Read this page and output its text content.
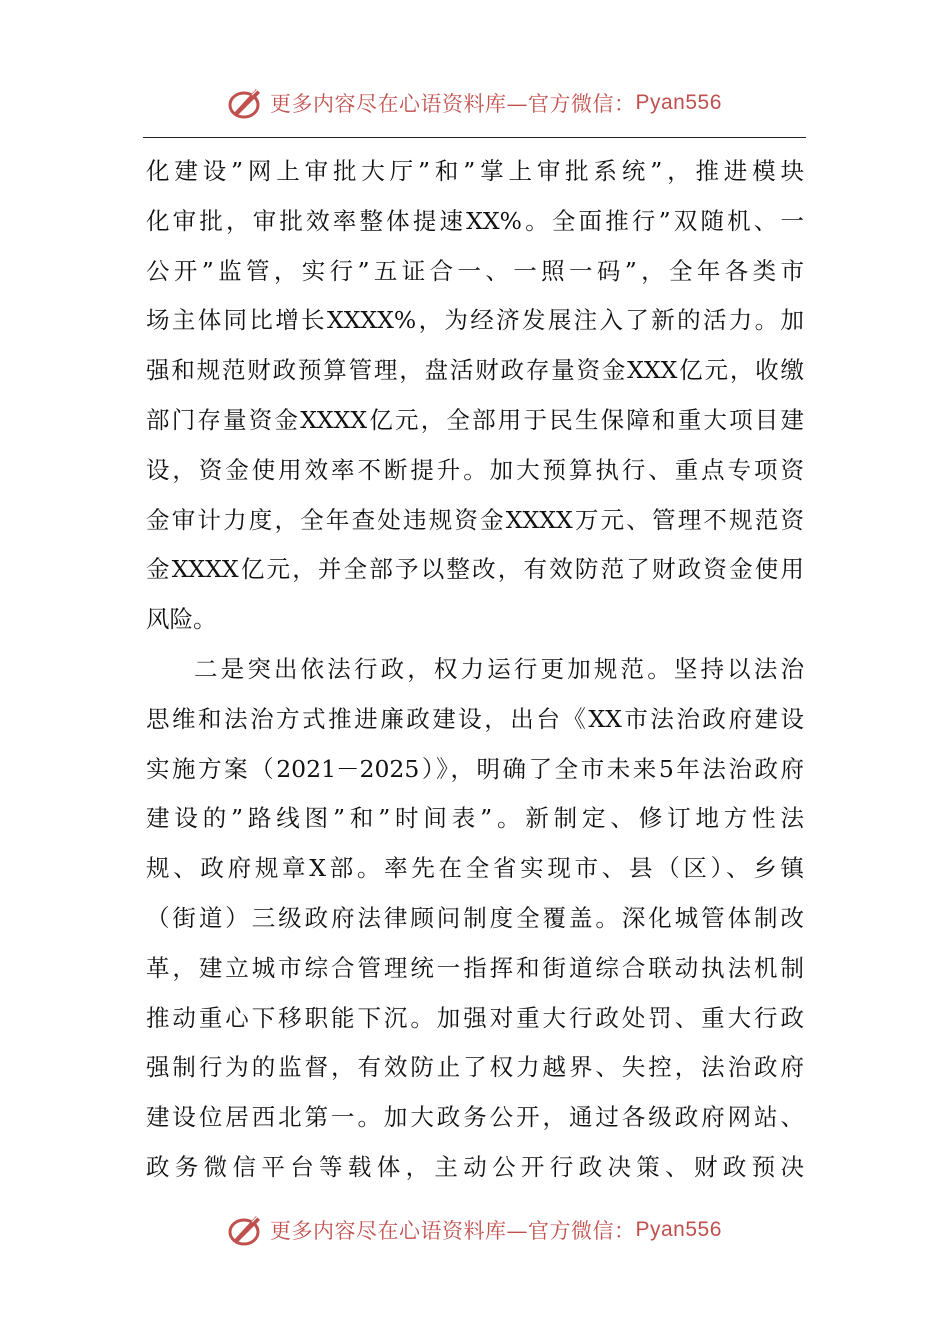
更多内容尽在心语资料库—官方微信： Pyan556
化建设”网上审批大厅”和”掌上审批系统”，推进模块
化审批，审批效率整体提速XX%。全面推行”双随机、一
公开”监管，实行”五证合一、一照一码”，全年各类市
场主体同比增长XXXX%，为经济发展注入了新的活力。加
强和规范财政预算管理，盘活财政存量资金XXX亿元，收缴
部门存量资金XXXX亿元，全部用于民生保障和重大项目建
设，资金使用效率不断提升。加大预算执行、重点专项资
金审计力度，全年查处违规资金XXXX万元、管理不规范资
金XXXX亿元，并全部予以整改，有效防范了财政资金使用
风险。
二是突出依法行政，权力运行更加规范。坚持以法治
思维和法治方式推进廉政建设，出台《XX市法治政府建设
实施方案（2021－2025）》，明确了全市未来5年法治政府
建设的”路线图”和”时间表”。新制定、修订地方性法
规、政府规章X部。率先在全省实现市、县（区）、乡镇
（街道）三级政府法律顾问制度全覆盖。深化城管体制改
革，建立城市综合管理统一指挥和街道综合联动执法机制
推动重心下移职能下沉。加强对重大行政处罚、重大行政
强制行为的监督，有效防止了权力越界、失控，法治政府
建设位居西北第一。加大政务公开，通过各级政府网站、
政务微信平台等载体，主动公开行政决策、财政预决
更多内容尽在心语资料库—官方微信： Pyan556
